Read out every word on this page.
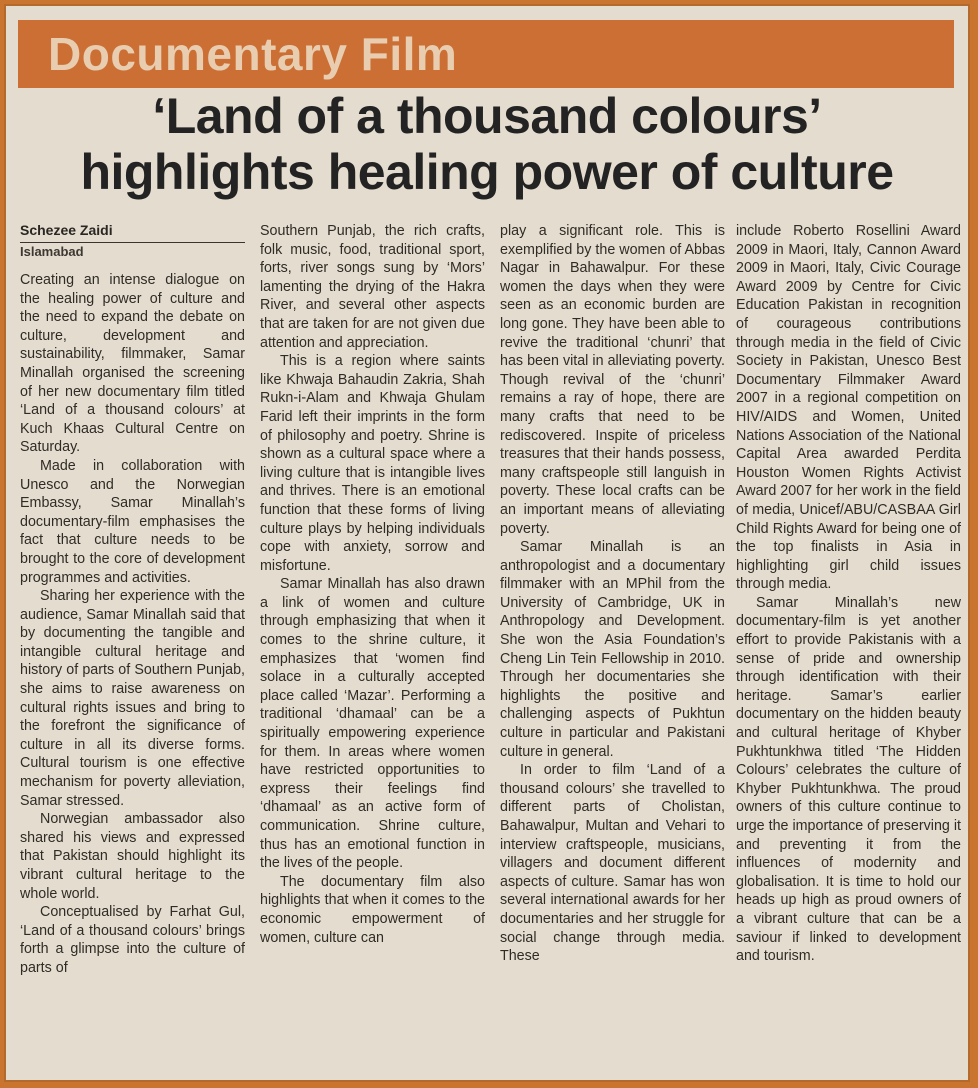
Documentary Film
‘Land of a thousand colours’
highlights healing power of culture
Schezee Zaidi
Islamabad

Creating an intense dialogue on the healing power of culture and the need to expand the debate on culture, development and sustainability, filmmaker, Samar Minallah organised the screening of her new documentary film titled ‘Land of a thousand colours’ at Kuch Khaas Cultural Centre on Saturday.

Made in collaboration with Unesco and the Norwegian Embassy, Samar Minallah’s documentary-film emphasises the fact that culture needs to be brought to the core of development programmes and activities.

Sharing her experience with the audience, Samar Minallah said that by documenting the tangible and intangible cultural heritage and history of parts of Southern Punjab, she aims to raise awareness on cultural rights issues and bring to the forefront the significance of culture in all its diverse forms. Cultural tourism is one effective mechanism for poverty alleviation, Samar stressed.

Norwegian ambassador also shared his views and expressed that Pakistan should highlight its vibrant cultural heritage to the whole world.

Conceptualised by Farhat Gul, ‘Land of a thousand colours’ brings forth a glimpse into the culture of parts of

Southern Punjab, the rich crafts, folk music, food, traditional sport, forts, river songs sung by ‘Mors’ lamenting the drying of the Hakra River, and several other aspects that are taken for are not given due attention and appreciation.

This is a region where saints like Khwaja Bahaudin Zakria, Shah Rukn-i-Alam and Khwaja Ghulam Farid left their imprints in the form of philosophy and poetry. Shrine is shown as a cultural space where a living culture that is intangible lives and thrives. There is an emotional function that these forms of living culture plays by helping individuals cope with anxiety, sorrow and misfortune.

Samar Minallah has also drawn a link of women and culture through emphasizing that when it comes to the shrine culture, it emphasizes that ‘women find solace in a culturally accepted place called ‘Mazar’. Performing a traditional ‘dhamaal’ can be a spiritually empowering experience for them. In areas where women have restricted opportunities to express their feelings find ‘dhamaal’ as an active form of communication. Shrine culture, thus has an emotional function in the lives of the people.

The documentary film also highlights that when it comes to the economic empowerment of women, culture can

play a significant role. This is exemplified by the women of Abbas Nagar in Bahawalpur. For these women the days when they were seen as an economic burden are long gone. They have been able to revive the traditional ‘chunri’ that has been vital in alleviating poverty. Though revival of the ‘chunri’ remains a ray of hope, there are many crafts that need to be rediscovered. Inspite of priceless treasures that their hands possess, many craftspeople still languish in poverty. These local crafts can be an important means of alleviating poverty.

Samar Minallah is an anthropologist and a documentary filmmaker with an MPhil from the University of Cambridge, UK in Anthropology and Development. She won the Asia Foundation’s Cheng Lin Tein Fellowship in 2010. Through her documentaries she highlights the positive and challenging aspects of Pukhtun culture in particular and Pakistani culture in general.

In order to film ‘Land of a thousand colours’ she travelled to different parts of Cholistan, Bahawalpur, Multan and Vehari to interview craftspeople, musicians, villagers and document different aspects of culture. Samar has won several international awards for her documentaries and her struggle for social change through media. These

include Roberto Rosellini Award 2009 in Maori, Italy, Cannon Award 2009 in Maori, Italy, Civic Courage Award 2009 by Centre for Civic Education Pakistan in recognition of courageous contributions through media in the field of Civic Society in Pakistan, Unesco Best Documentary Filmmaker Award 2007 in a regional competition on HIV/AIDS and Women, United Nations Association of the National Capital Area awarded Perdita Houston Women Rights Activist Award 2007 for her work in the field of media, Unicef/ABU/CASBAA Girl Child Rights Award for being one of the top finalists in Asia in highlighting girl child issues through media.

Samar Minallah’s new documentary-film is yet another effort to provide Pakistanis with a sense of pride and ownership through identification with their heritage. Samar’s earlier documentary on the hidden beauty and cultural heritage of Khyber Pukhtunkhwa titled ‘The Hidden Colours’ celebrates the culture of Khyber Pukhtunkhwa. The proud owners of this culture continue to urge the importance of preserving it and preventing it from the influences of modernity and globalisation. It is time to hold our heads up high as proud owners of a vibrant culture that can be a saviour if linked to development and tourism.
